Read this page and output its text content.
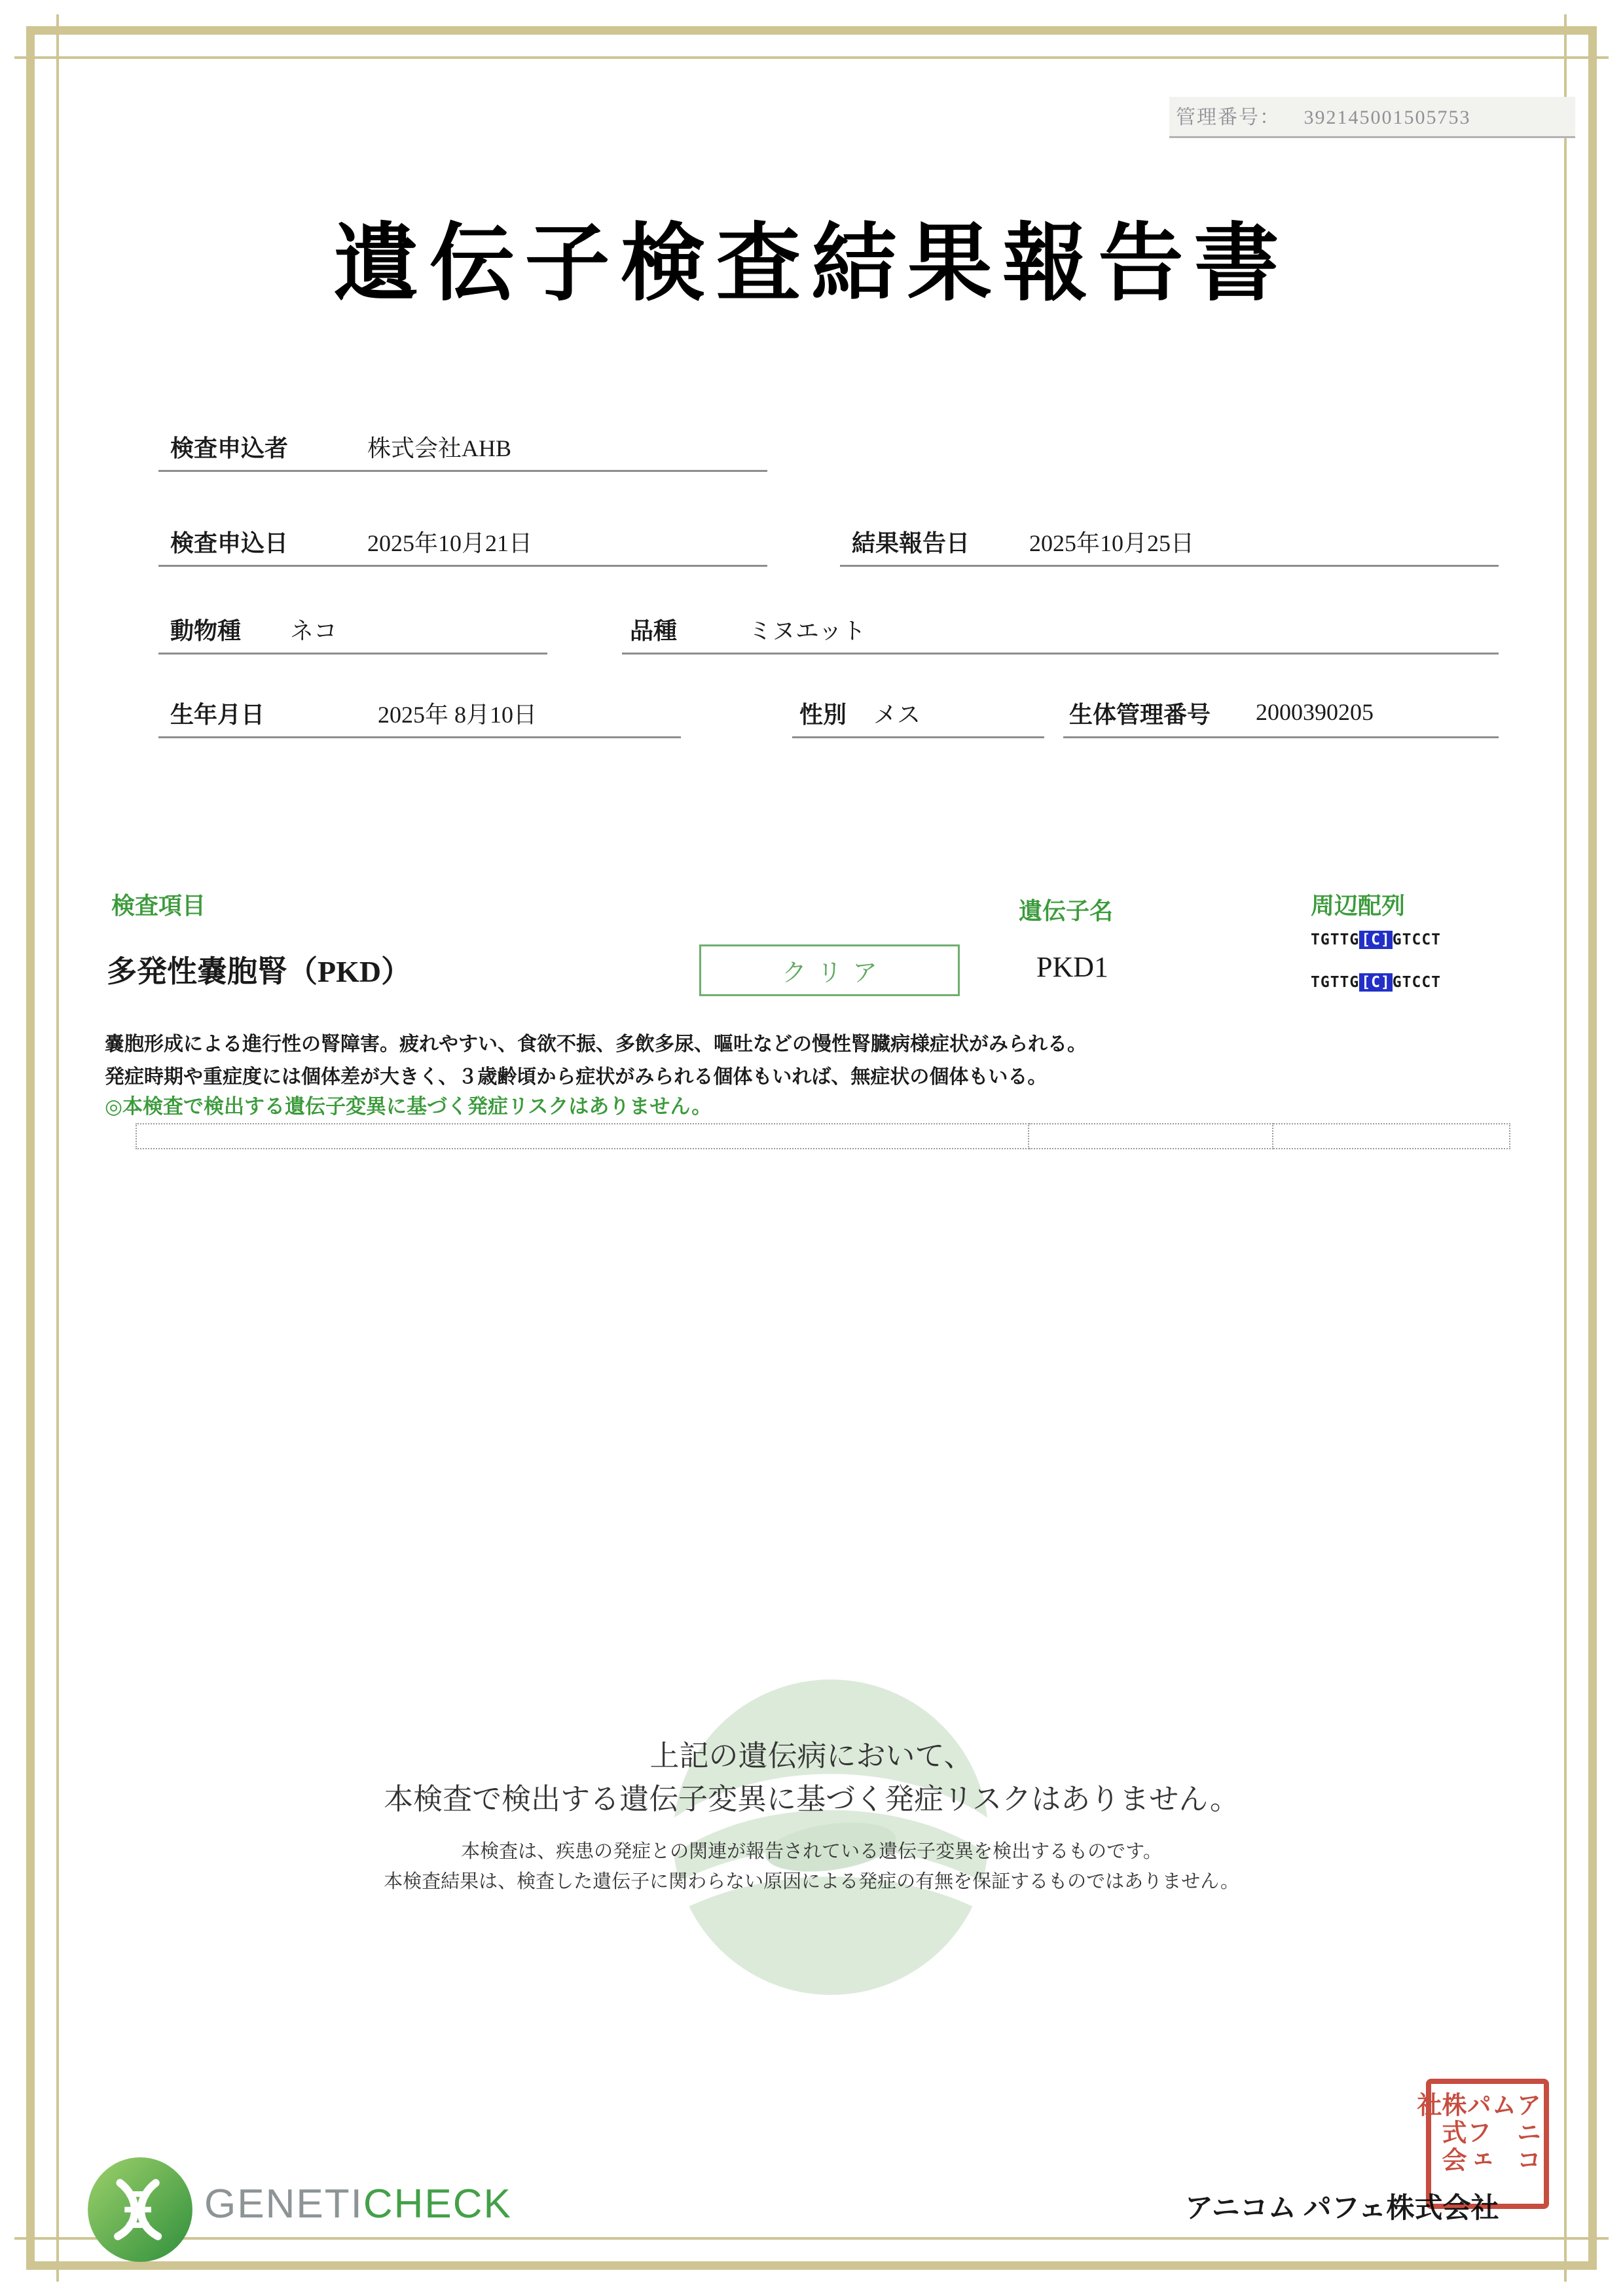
管理番号： 392145001505753
遺伝子検査結果報告書
検査申込者	株式会社AHB
検査申込日	2025年10月21日	結果報告日	2025年10月25日
動物種 ネコ	品種	ミヌエット
生年月日	2025年 8月10日	性別 メス	生体管理番号 2000390205
検査項目	遺伝子名	周辺配列
多発性嚢胞腎（PKD）	クリア	PKD1
TGTTG [C] GTCCT
TGTTG [C] GTCCT
嚢胞形成による進行性の腎障害。疲れやすい、食欲不振、多飲多尿、嘔吐などの慢性腎臓病様症状がみられる。
発症時期や重症度には個体差が大きく、３歳齢頃から症状がみられる個体もいれば、無症状の個体もいる。
◎本検査で検出する遺伝子変異に基づく発症リスクはありません。
上記の遺伝病において、
本検査で検出する遺伝子変異に基づく発症リスクはありません。
本検査は、疾患の発症との関連が報告されている遺伝子変異を検出するものです。
本検査結果は、検査した遺伝子に関わらない原因による発症の有無を保証するものではありません。
GENETICHECK	アニコム パフェ株式会社
アニコム
パフェ
株式会社
